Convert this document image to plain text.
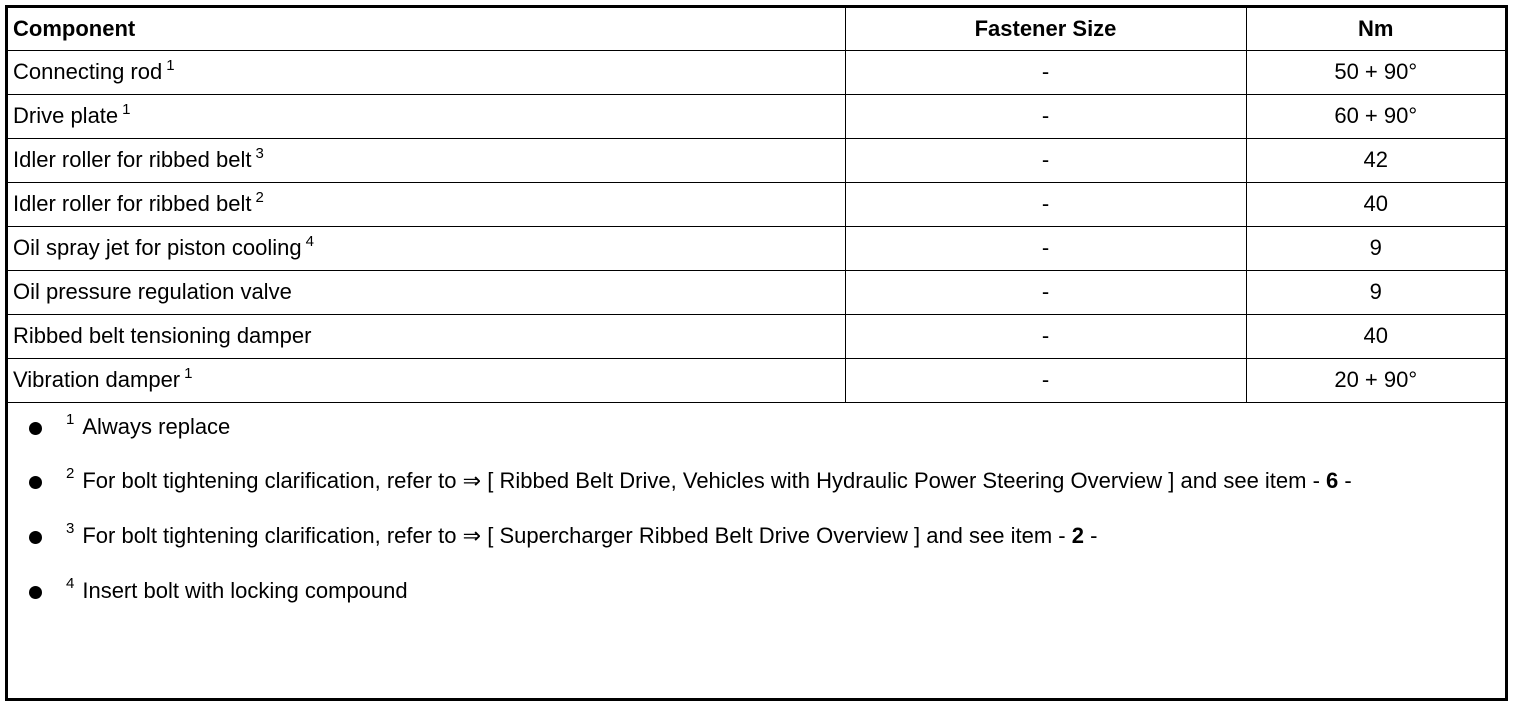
Component	Fastener Size	Nm
Connecting rod $^1$	-	50 + 90°
Drive plate $^1$	-	60 + 90°
Idler roller for ribbed belt $^3$	-	42
Idler roller for ribbed belt $^2$	-	40
Oil spray jet for piston cooling $^4$	-	9
Oil pressure regulation valve	-	9
Ribbed belt tensioning damper	-	40
Vibration damper $^1$	-	20 + 90°
$^1$ Always replace
$^2$ For bolt tightening clarification, refer to ⇒ [ Ribbed Belt Drive, Vehicles with Hydraulic Power Steering Overview ] and see item - 6 -
$^3$ For bolt tightening clarification, refer to ⇒ [ Supercharger Ribbed Belt Drive Overview ] and see item - 2 -
$^4$ Insert bolt with locking compound
